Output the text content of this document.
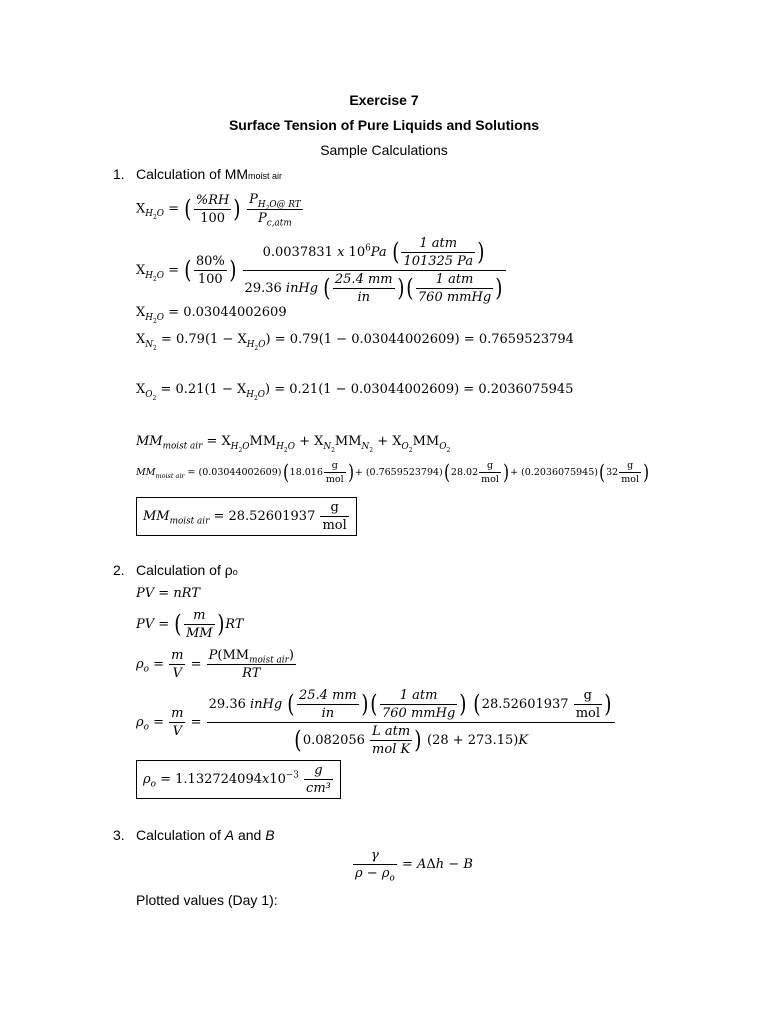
Exercise 7
Surface Tension of Pure Liquids and Solutions
Sample Calculations
1. Calculation of MMmoist air
$X_{H_2O}$ = ( $\frac{\%RH}{100}$ ) $\frac{P_{H_2O@ RT}}{P_{c,atm}}$
$X_{H_2O}$ = ( $\frac{80\%}{100}$ ) $\frac{0.0037831 x 10^6Pa ( \frac{\text{1 atm}}{101325 Pa} )}{29.36 inHg ( \frac{25.4 mm}{in} )( \frac{\text{1 atm}}{\text{760 mmHg}} )}$
$X_{H_2O} = 0.03044002609$
$X_{N_2} = 0.79(1 - X_{H_2O}) = 0.79(1 - 0.03044002609) = 0.7659523794$
$X_{O_2} = 0.21(1 - X_{H_2O}) = 0.21(1 - 0.03044002609) = 0.2036075945$
$MM_{moist air} = X_{H_2O}MM_{H_2O} + X_{N_2}MM_{N_2} + X_{O_2}MM_{O_2}$
$MM_{moist air} = (0.03044002609)(18.016 \frac{g}{\text{mol}}$ )+ $(0.7659523794)(28.02 \frac{g}{\text{mol}}$ )+ $(0.2036075945)(32 \frac{g}{\text{mol}}$ )
$MM_{moist air} = 28.52601937 \frac{g}{\text{mol}}$
2. Calculation of ρo
PV = nRT
PV = ( $\frac{m}{MM} )RT$
$\rho_o = \frac{m}{V} = \frac{P(MM_{moist air})}{RT}$
$\rho_o = \frac{m}{V}$ =
29.36 inHg ( $\frac{25.4 mm}{in}$ )( $\frac{\text{1 atm}}{\text{760 mmHg}}$ ) ($28.52601937 \frac{g}{\text{mol}}$ )
($0.082056 \frac{\text{L atm}}{\text{mol K}}$ ) (28 + 273.15)K
$\rho_o = 1.132724094x10^{-3} \frac{g}{\text{cm³}}$
3. Calculation of A and B
$\frac{\gamma}{\rho - \rho_o} = A\Delta h - B$
Plotted values (Day 1):
